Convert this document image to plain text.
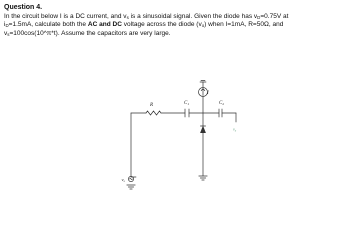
Question 4.
In the circuit below I is a DC current, and $v_s$ is a sinusoidal signal. Given the diode has $v_D=0.75V$ at
$i_D=1.5mA$, calculate both the AC and DC voltage across the diode $(v_o)$ when I=1mA, R=50Ω, and
$v_s=100\cos(10\^{}\pi*t)$. Assume the capacitors are very large.
R	$C_1$	$C_2$
I
$v_s$
$v_o$
